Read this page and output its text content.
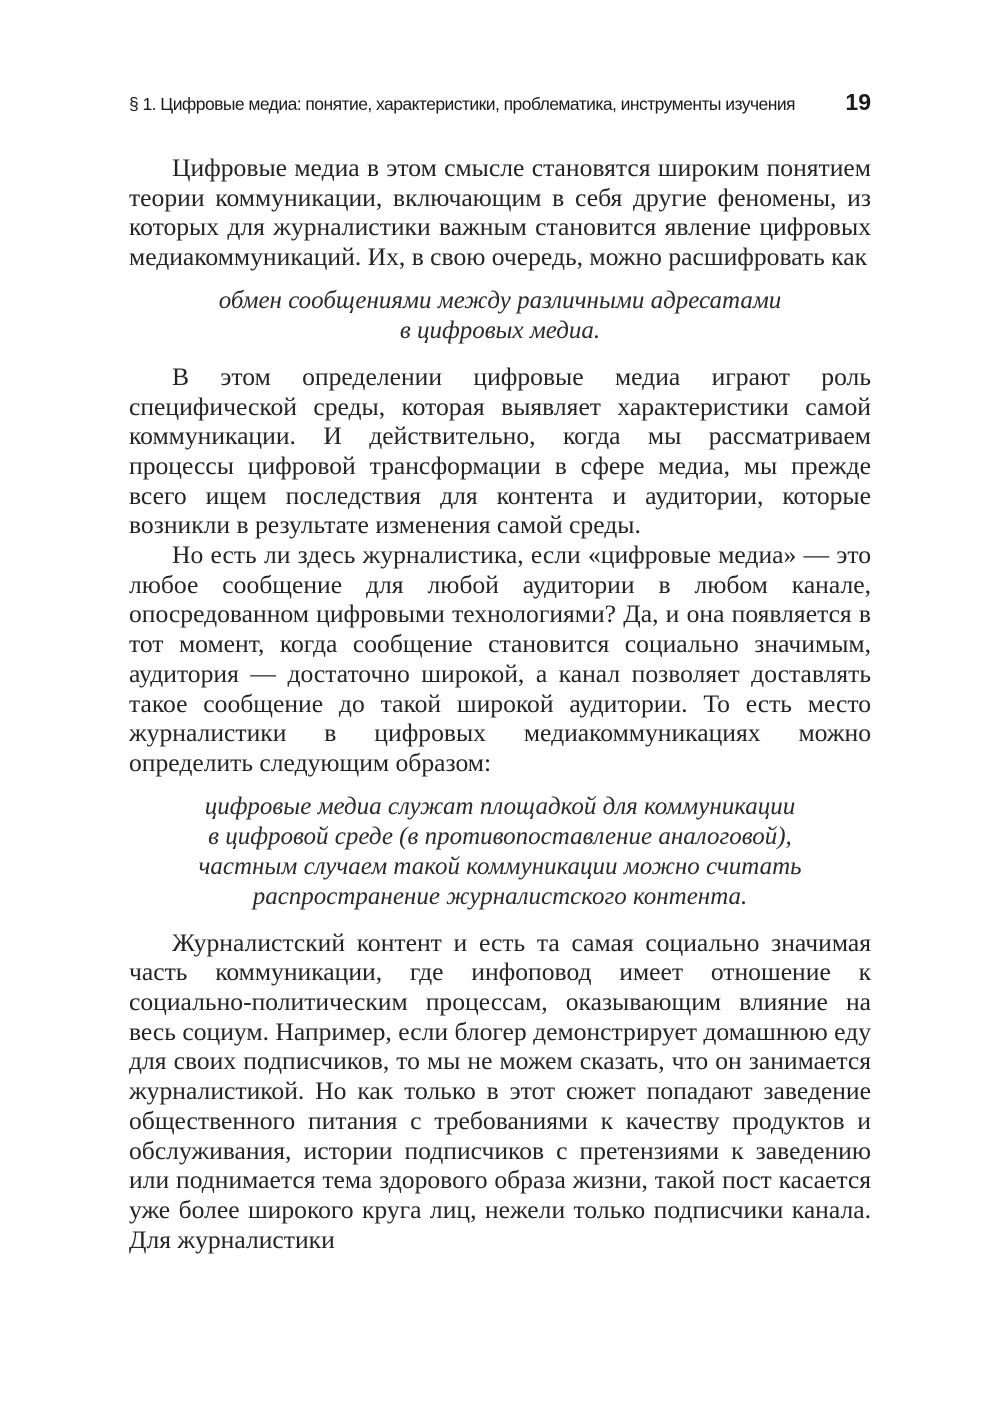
§ 1. Цифровые медиа: понятие, характеристики, проблематика, инструменты изучения 19

Цифровые медиа в этом смысле становятся широким понятием теории коммуникации, включающим в себя другие феномены, из которых для журналистики важным становится явление цифровых медиакоммуникаций. Их, в свою очередь, можно расшифровать как

обмен сообщениями между различными адресатами
в цифровых медиа.

В этом определении цифровые медиа играют роль специфической среды, которая выявляет характеристики самой коммуникации. И действительно, когда мы рассматриваем процессы цифровой трансформации в сфере медиа, мы прежде всего ищем последствия для контента и аудитории, которые возникли в результате изменения самой среды.

Но есть ли здесь журналистика, если «цифровые медиа» — это любое сообщение для любой аудитории в любом канале, опосредованном цифровыми технологиями? Да, и она появляется в тот момент, когда сообщение становится социально значимым, аудитория — достаточно широкой, а канал позволяет доставлять такое сообщение до такой широкой аудитории. То есть место журналистики в цифровых медиакоммуникациях можно определить следующим образом:

цифровые медиа служат площадкой для коммуникации
в цифровой среде (в противопоставление аналоговой),
частным случаем такой коммуникации можно считать
распространение журналистского контента.

Журналистский контент и есть та самая социально значимая часть коммуникации, где инфоповод имеет отношение к социально-политическим процессам, оказывающим влияние на весь социум. Например, если блогер демонстрирует домашнюю еду для своих подписчиков, то мы не можем сказать, что он занимается журналистикой. Но как только в этот сюжет попадают заведение общественного питания с требованиями к качеству продуктов и обслуживания, истории подписчиков с претензиями к заведению или поднимается тема здорового образа жизни, такой пост касается уже более широкого круга лиц, нежели только подписчики канала. Для журналистики
